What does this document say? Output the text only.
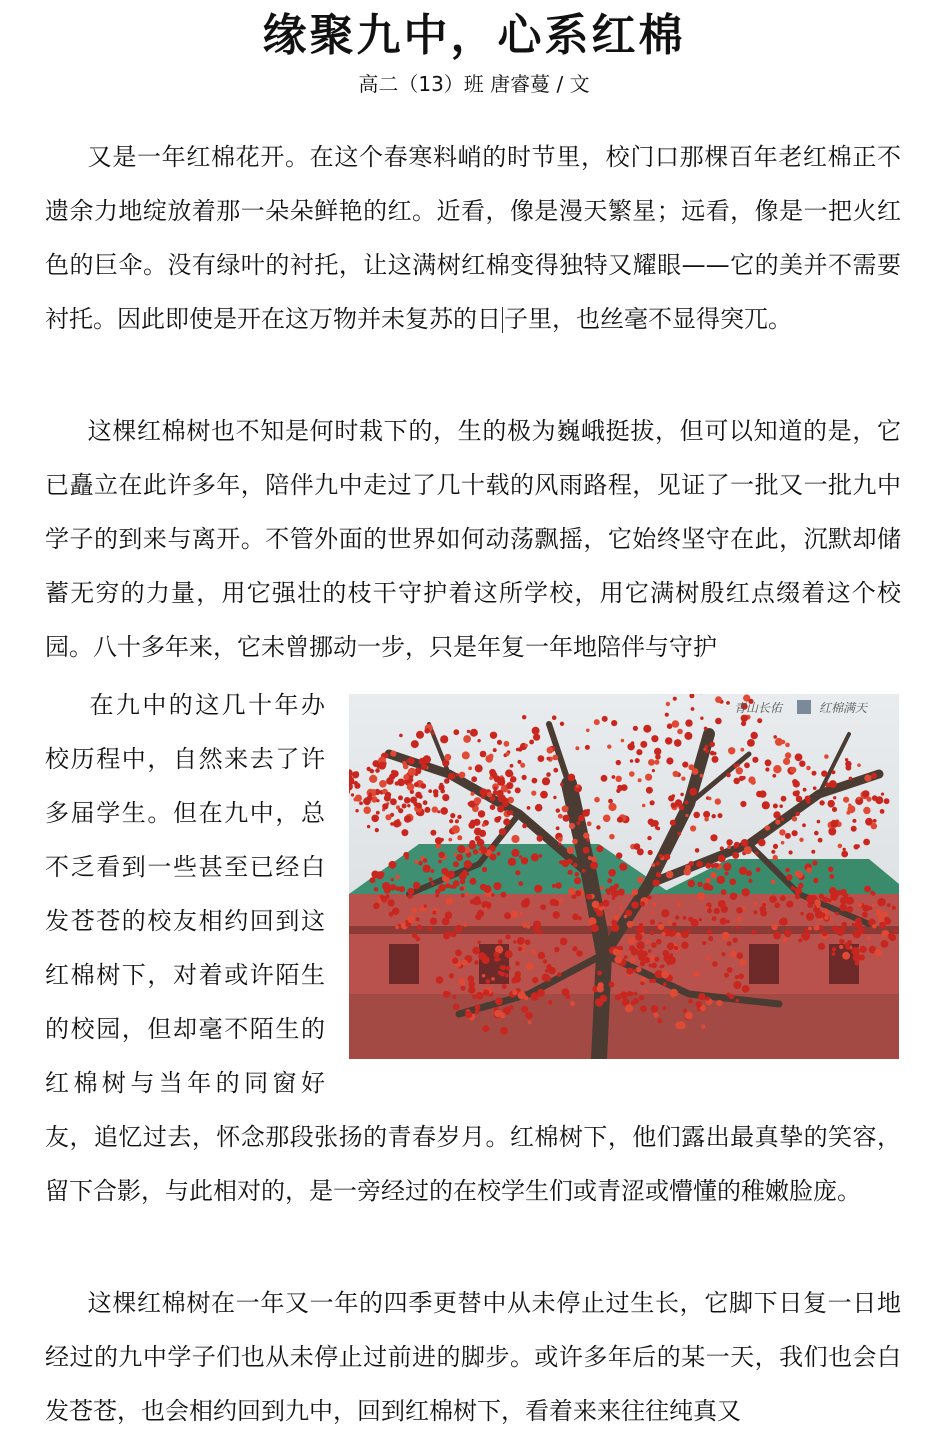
缘聚九中，心系红棉
高二（13）班 唐睿蔓 / 文

又是一年红棉花开。在这个春寒料峭的时节里，校门口那棵百年老红棉正不遗余力地绽放着那一朵朵鲜艳的红。近看，像是漫天繁星；远看，像是一把火红色的巨伞。没有绿叶的衬托，让这满树红棉变得独特又耀眼——它的美并不需要衬托。因此即使是开在这万物并未复苏的日 子里，也丝毫不显得突兀。

这棵红棉树也不知是何时栽下的，生的极为巍峨挺拔，但可以知道的是，它已矗立在此许多年，陪伴九中走过了几十载的风雨路程，见证了一批又一批九中学子的到来与离开。不管外面的世界如何动荡飘摇，它始终坚守在此，沉默却储蓄无穷的力量，用它强壮的枝干守护着这所学校，用它满树殷红点缀着这个校园。八十多年来，它未曾挪动一步，只是年复一年地陪伴与守护

在九中的这几十年办校历程中，自然来去了许多届学生。但在九中，总不乏看到一些甚至已经白发苍苍的校友相约回到这红棉树下，对着或许陌生的校园，但却毫不陌生的红棉树与当年的同窗好友，追忆过去，怀念那段张扬的青春岁月。红棉树下，他们露出最真挚的笑容，留下合影，与此相对的，是一旁经过的在校学生们或青涩或懵懂的稚嫩脸庞。

这棵红棉树在一年又一年的四季更替中从未停止过生长，它脚下日复一日地经过的九中学子们也从未停止过前进的脚步。或许多年后的某一天，我们也会白发苍苍，也会相约回到九中，回到红棉树下，看着来来往往纯真又

青山长佑	红棉满天
